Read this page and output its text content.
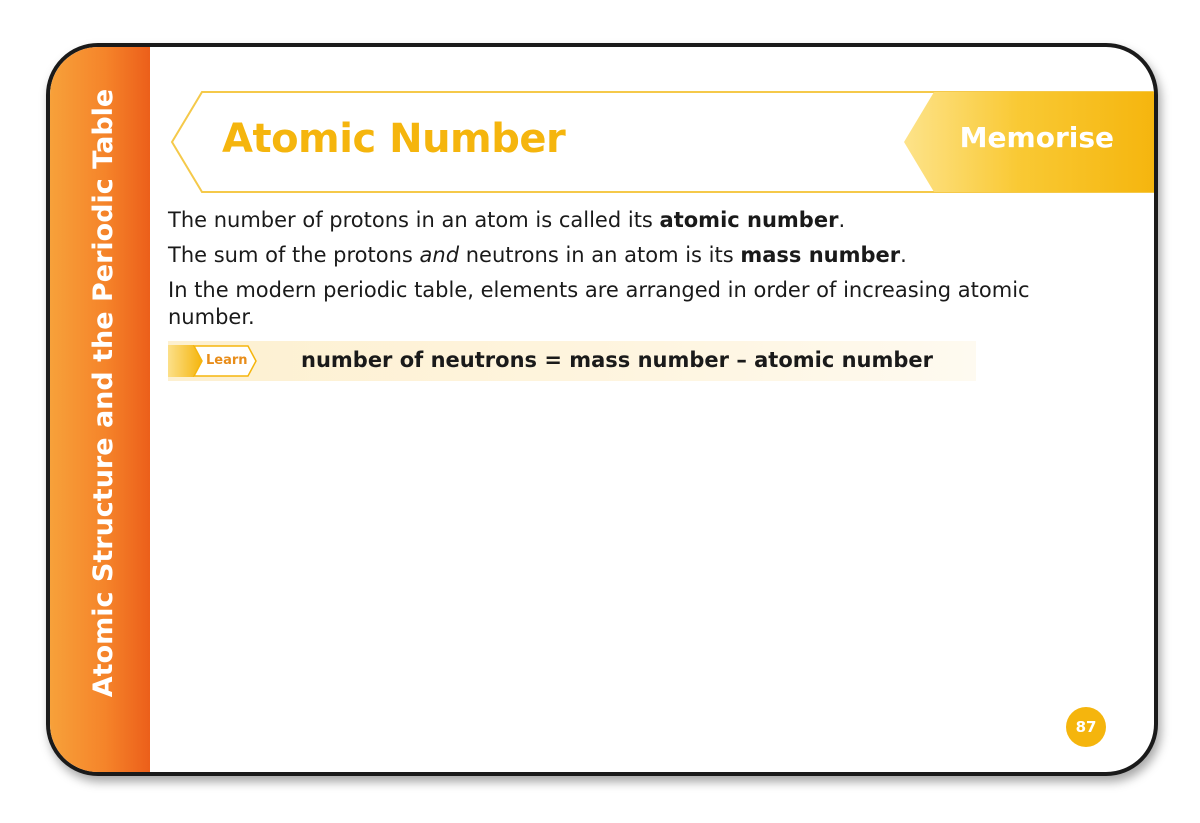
Atomic Structure and the Periodic Table	Atomic Number	Memorise

The number of protons in an atom is called its atomic number.

The sum of the protons and neutrons in an atom is its mass number.

In the modern periodic table, elements are arranged in order of increasing atomic number.

Learn	number of neutrons = mass number – atomic number
87
